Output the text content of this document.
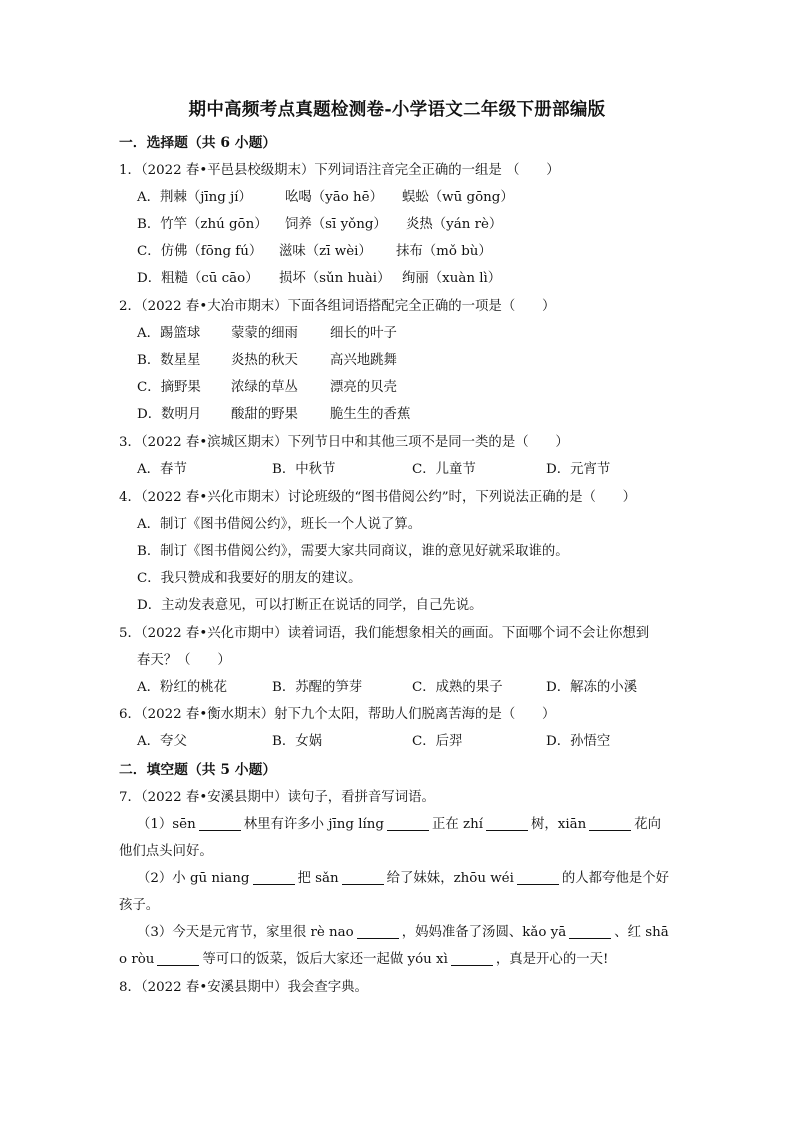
期中高频考点真题检测卷-小学语文二年级下册部编版
一．选择题（共 6 小题）
1．（2022 春•平邑县校级期末）下列词语注音完全正确的一组是 （　　）
A．荆棘（jīng jí） 吆喝（yāo hē） 蜈蚣（wū gōng）
B．竹竿（zhú gōn） 饲养（sī yǒng） 炎热（yán rè）
C．仿佛（fōng fú） 滋味（zī wèi） 抹布（mǒ bù）
D．粗糙（cū cāo） 损坏（sǔn huài） 绚丽（xuàn lì）
2．（2022 春•大冶市期末）下面各组词语搭配完全正确的一项是（　　）
A．踢篮球 蒙蒙的细雨 细长的叶子
B．数星星 炎热的秋天 高兴地跳舞
C．摘野果 浓绿的草丛 漂亮的贝壳
D．数明月 酸甜的野果 脆生生的香蕉
3．（2022 春•滨城区期末）下列节日中和其他三项不是同一类的是（　　）
A．春节	B．中秋节	C．儿童节	D．元宵节
4．（2022 春•兴化市期末）讨论班级的“图书借阅公约”时，下列说法正确的是（　　）
A．制订《图书借阅公约》，班长一个人说了算。
B．制订《图书借阅公约》，需要大家共同商议，谁的意见好就采取谁的。
C．我只赞成和我要好的朋友的建议。
D．主动发表意见，可以打断正在说话的同学，自己先说。
5．（2022 春•兴化市期中）读着词语，我们能想象相关的画面。下面哪个词不会让你想到
春天？（　　）
A．粉红的桃花	B．苏醒的笋芽	C．成熟的果子	D．解冻的小溪
6．（2022 春•衡水期末）射下九个太阳，帮助人们脱离苦海的是（　　）
A．夸父	B．女娲	C．后羿	D．孙悟空
二．填空题（共 5 小题）
7．（2022 春•安溪县期中）读句子，看拼音写词语。
（1）sēn	林里有许多小 jīng líng	正在 zhí	树，xiān	花向
他们点头问好。
（2）小 gū niang	把 sǎn	给了妹妹，zhōu wéi	的人都夸他是个好
孩子。
（3）今天是元宵节，家里很 rè nao	，妈妈准备了汤圆、kǎo yā	、红 shā
o ròu	等可口的饭菜，饭后大家还一起做 yóu xì	，真是开心的一天!
8．（2022 春•安溪县期中）我会查字典。
